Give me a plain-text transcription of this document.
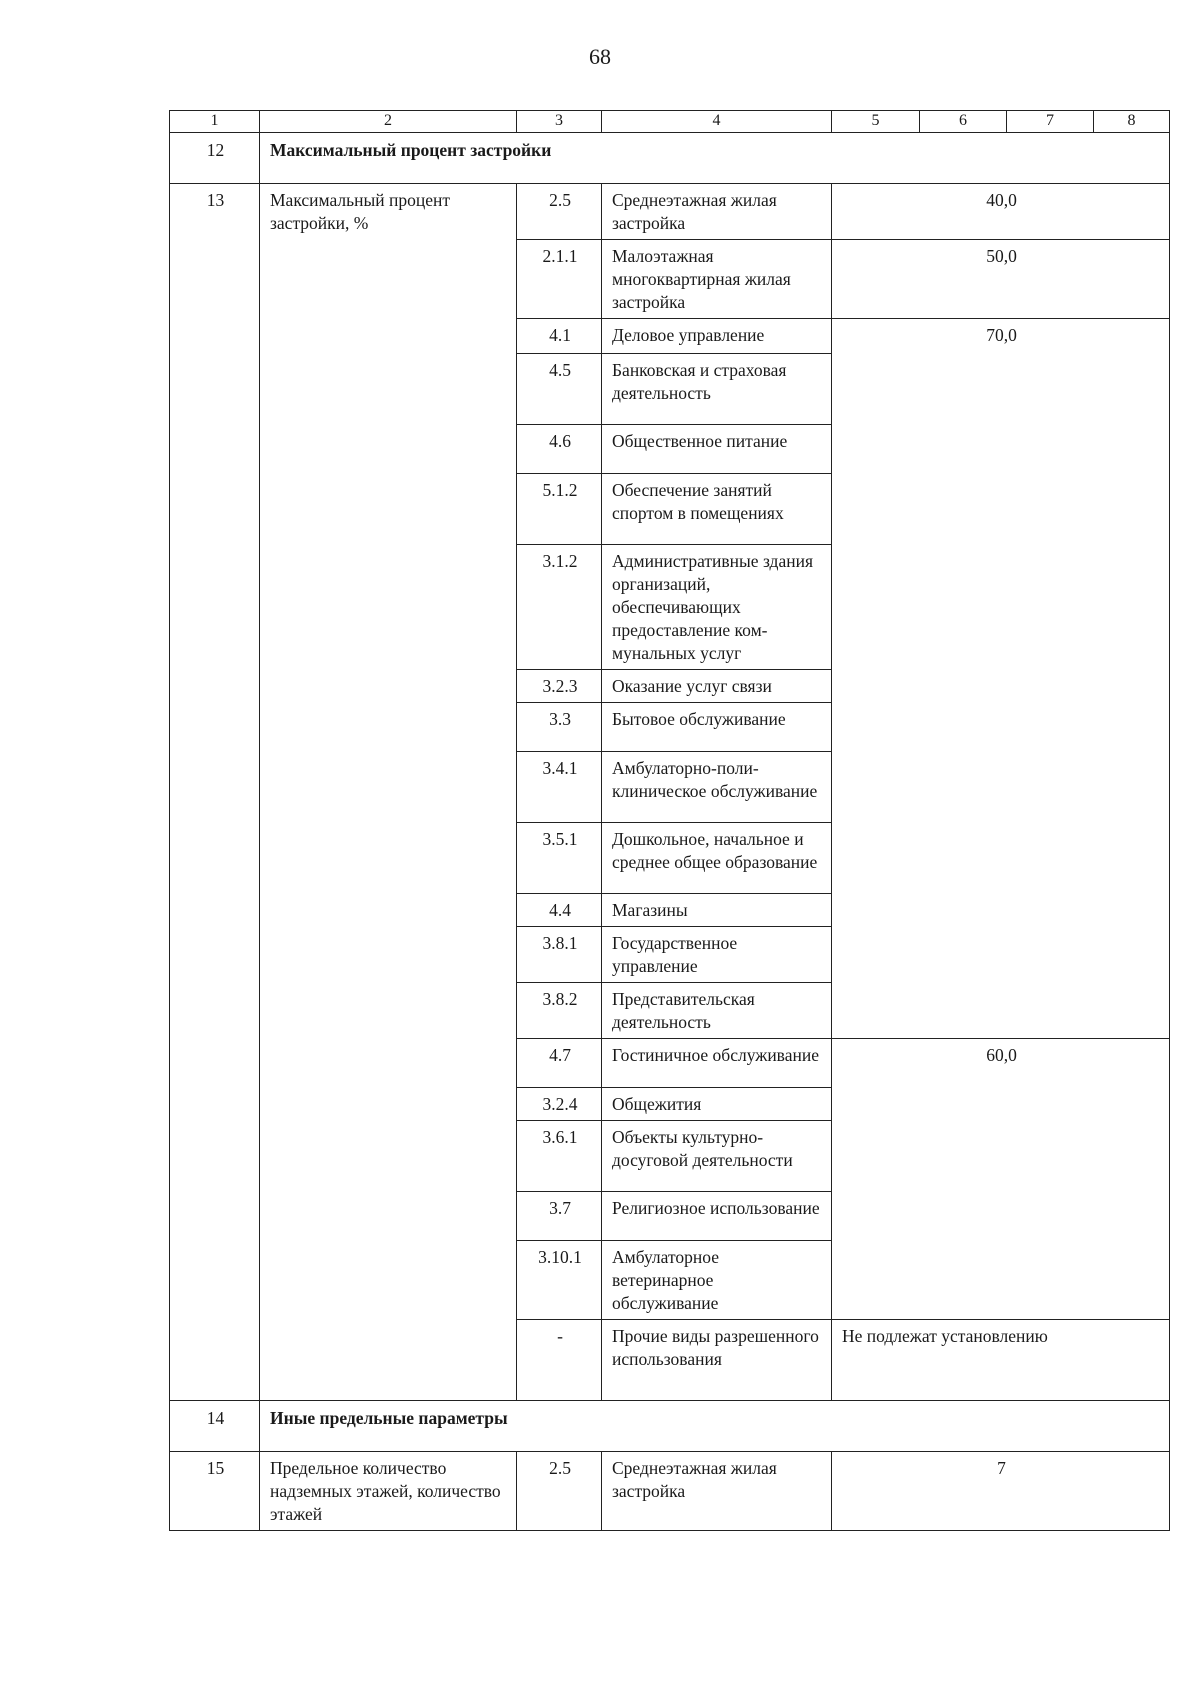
68
1	2	3	4	5	6	7	8
12	Максимальный процент застройки						
13	Максимальный процент застройки, %	2.5	Среднеэтажная жилая застройка	40,0			
		2.1.1	Малоэтажная многоквартирная жилая застройка	50,0			
		4.1	Деловое управление	70,0			
		4.5	Банковская и страховая деятельность				
		4.6	Общественное питание				
		5.1.2	Обеспечение занятий спортом в помещениях				
		3.1.2	Административные здания организаций, обеспечивающих предоставление ком-мунальных услуг				
		3.2.3	Оказание услуг связи				
		3.3	Бытовое обслуживание				
		3.4.1	Амбулаторно-поли-клиническое обслуживание				
		3.5.1	Дошкольное, начальное и среднее общее образование				
		4.4	Магазины				
		3.8.1	Государственное управление				
		3.8.2	Представительская деятельность				
		4.7	Гостиничное обслуживание	60,0			
		3.2.4	Общежития				
		3.6.1	Объекты культурно-досуговой деятельности				
		3.7	Религиозное использование				
		3.10.1	Амбулаторное ветеринарное обслуживание				
		-	Прочие виды разрешенного использования	Не подлежат установлению			
14	Иные предельные параметры						
15	Предельное количество надземных этажей, количество этажей	2.5	Среднеэтажная жилая застройка	7			
